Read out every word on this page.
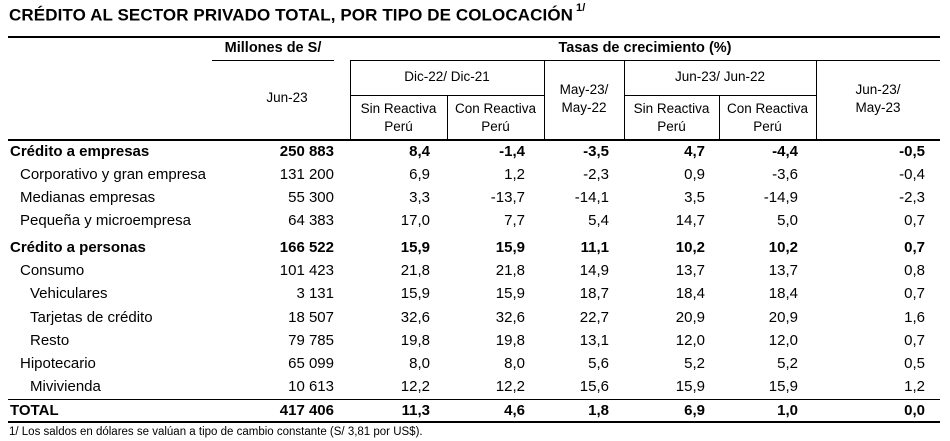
CRÉDITO AL SECTOR PRIVADO TOTAL, POR TIPO DE COLOCACIÓN $^{1/}$
Millones de S/	Tasas de crecimiento (%)
Jun-23
Dic-22/ Dic-21
May-23/
May-22
Jun-23/ Jun-22
Jun-23/
May-23
Sin Reactiva
Perú
Con Reactiva
Perú
Sin Reactiva
Perú
Con Reactiva
Perú
Crédito a empresas	250 883	8,4	-1,4	-3,5	4,7	-4,4	-0,5
Corporativo y gran empresa	131 200	6,9	1,2	-2,3	0,9	-3,6	-0,4
Medianas empresas	55 300	3,3	-13,7	-14,1	3,5	-14,9	-2,3
Pequeña y microempresa	64 383	17,0	7,7	5,4	14,7	5,0	0,7
Crédito a personas	166 522	15,9	15,9	11,1	10,2	10,2	0,7
Consumo	101 423	21,8	21,8	14,9	13,7	13,7	0,8
Vehiculares	3 131	15,9	15,9	18,7	18,4	18,4	0,7
Tarjetas de crédito	18 507	32,6	32,6	22,7	20,9	20,9	1,6
Resto	79 785	19,8	19,8	13,1	12,0	12,0	0,7
Hipotecario	65 099	8,0	8,0	5,6	5,2	5,2	0,5
Mivivienda	10 613	12,2	12,2	15,6	15,9	15,9	1,2
TOTAL	417 406	11,3	4,6	1,8	6,9	1,0	0,0
1/ Los saldos en dólares se valúan a tipo de cambio constante (S/ 3,81 por US$).
